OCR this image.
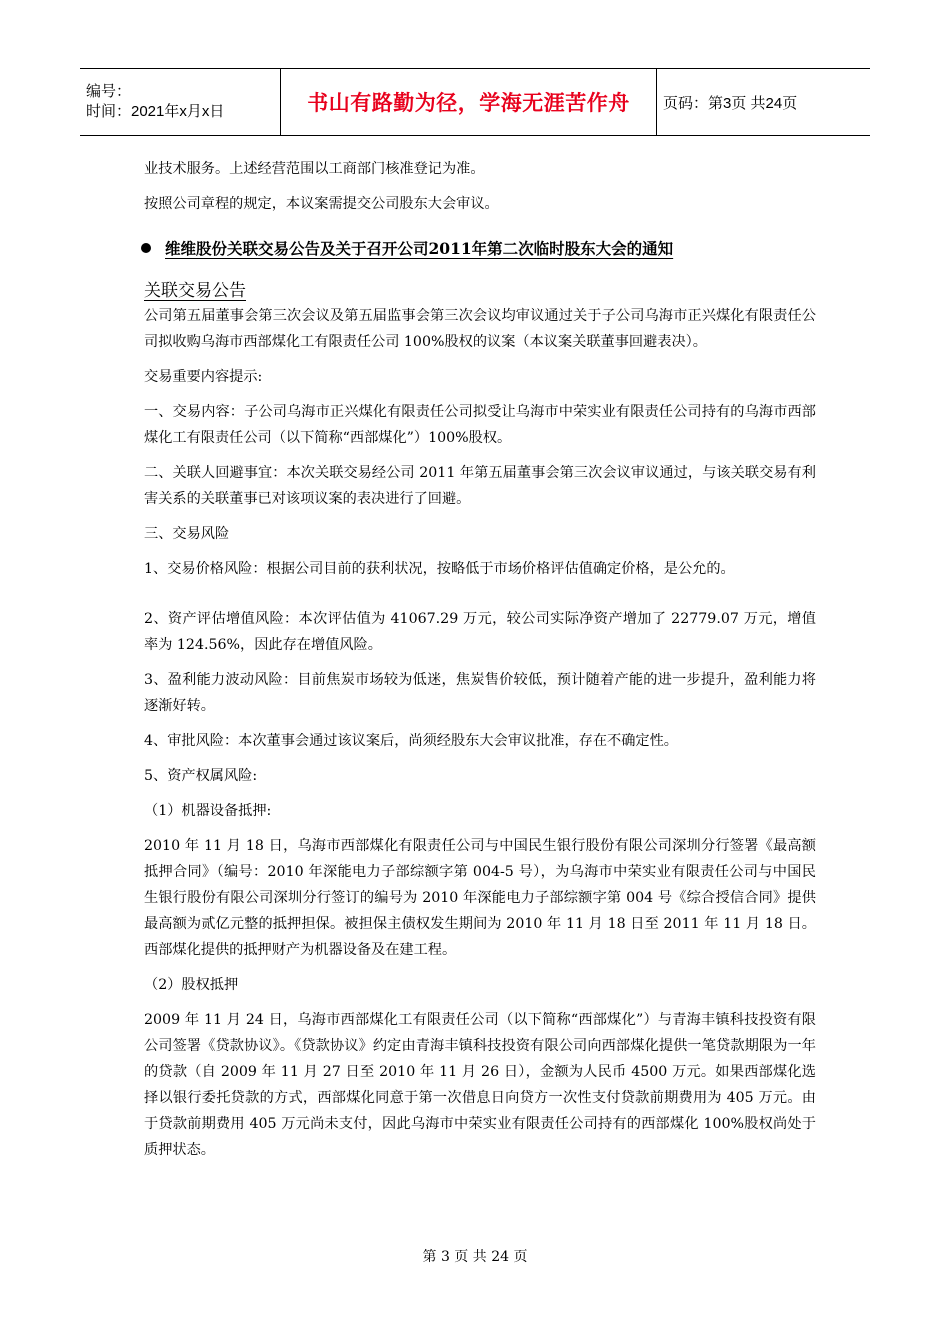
编号：
时间：2021年x月x日	书山有路勤为径，学海无涯苦作舟 页码：第3页 共24页

业技术服务。上述经营范围以工商部门核准登记为准。

按照公司章程的规定，本议案需提交公司股东大会审议。

维维股份关联交易公告及关于召开公司2011年第二次临时股东大会的通知
关联交易公告

公司第五届董事会第三次会议及第五届监事会第三次会议均审议通过关于子公司乌海市正兴煤化有限责任公司拟收购乌海市西部煤化工有限责任公司 100%股权的议案（本议案关联董事回避表决）。

交易重要内容提示:

一、交易内容：子公司乌海市正兴煤化有限责任公司拟受让乌海市中荣实业有限责任公司持有的乌海市西部煤化工有限责任公司（以下简称“西部煤化”）100%股权。

二、关联人回避事宜：本次关联交易经公司 2011 年第五届董事会第三次会议审议通过，与该关联交易有利害关系的关联董事已对该项议案的表决进行了回避。

三、交易风险

1、交易价格风险：根据公司目前的获利状况，按略低于市场价格评估值确定价格，是公允的。

2、资产评估增值风险：本次评估值为 41067.29 万元，较公司实际净资产增加了 22779.07 万元，增值率为 124.56%，因此存在增值风险。

3、盈利能力波动风险：目前焦炭市场较为低迷，焦炭售价较低，预计随着产能的进一步提升，盈利能力将逐渐好转。

4、审批风险：本次董事会通过该议案后，尚须经股东大会审议批准，存在不确定性。

5、资产权属风险:

（1）机器设备抵押:

2010 年 11 月 18 日，乌海市西部煤化有限责任公司与中国民生银行股份有限公司深圳分行签署《最高额抵押合同》（编号：2010 年深能电力子部综额字第 004-5 号），为乌海市中荣实业有限责任公司与中国民生银行股份有限公司深圳分行签订的编号为 2010 年深能电力子部综额字第 004 号《综合授信合同》提供最高额为贰亿元整的抵押担保。被担保主债权发生期间为 2010 年 11 月 18 日至 2011 年 11 月 18 日。西部煤化提供的抵押财产为机器设备及在建工程。

（2）股权抵押

2009 年 11 月 24 日，乌海市西部煤化工有限责任公司（以下简称“西部煤化”）与青海丰镇科技投资有限公司签署《贷款协议》。《贷款协议》约定由青海丰镇科技投资有限公司向西部煤化提供一笔贷款期限为一年的贷款（自 2009 年 11 月 27 日至 2010 年 11 月 26 日），金额为人民币 4500 万元。如果西部煤化选择以银行委托贷款的方式，西部煤化同意于第一次借息日向贷方一次性支付贷款前期费用为 405 万元。由于贷款前期费用 405 万元尚未支付，因此乌海市中荣实业有限责任公司持有的西部煤化 100%股权尚处于质押状态。

第 3 页 共 24 页
